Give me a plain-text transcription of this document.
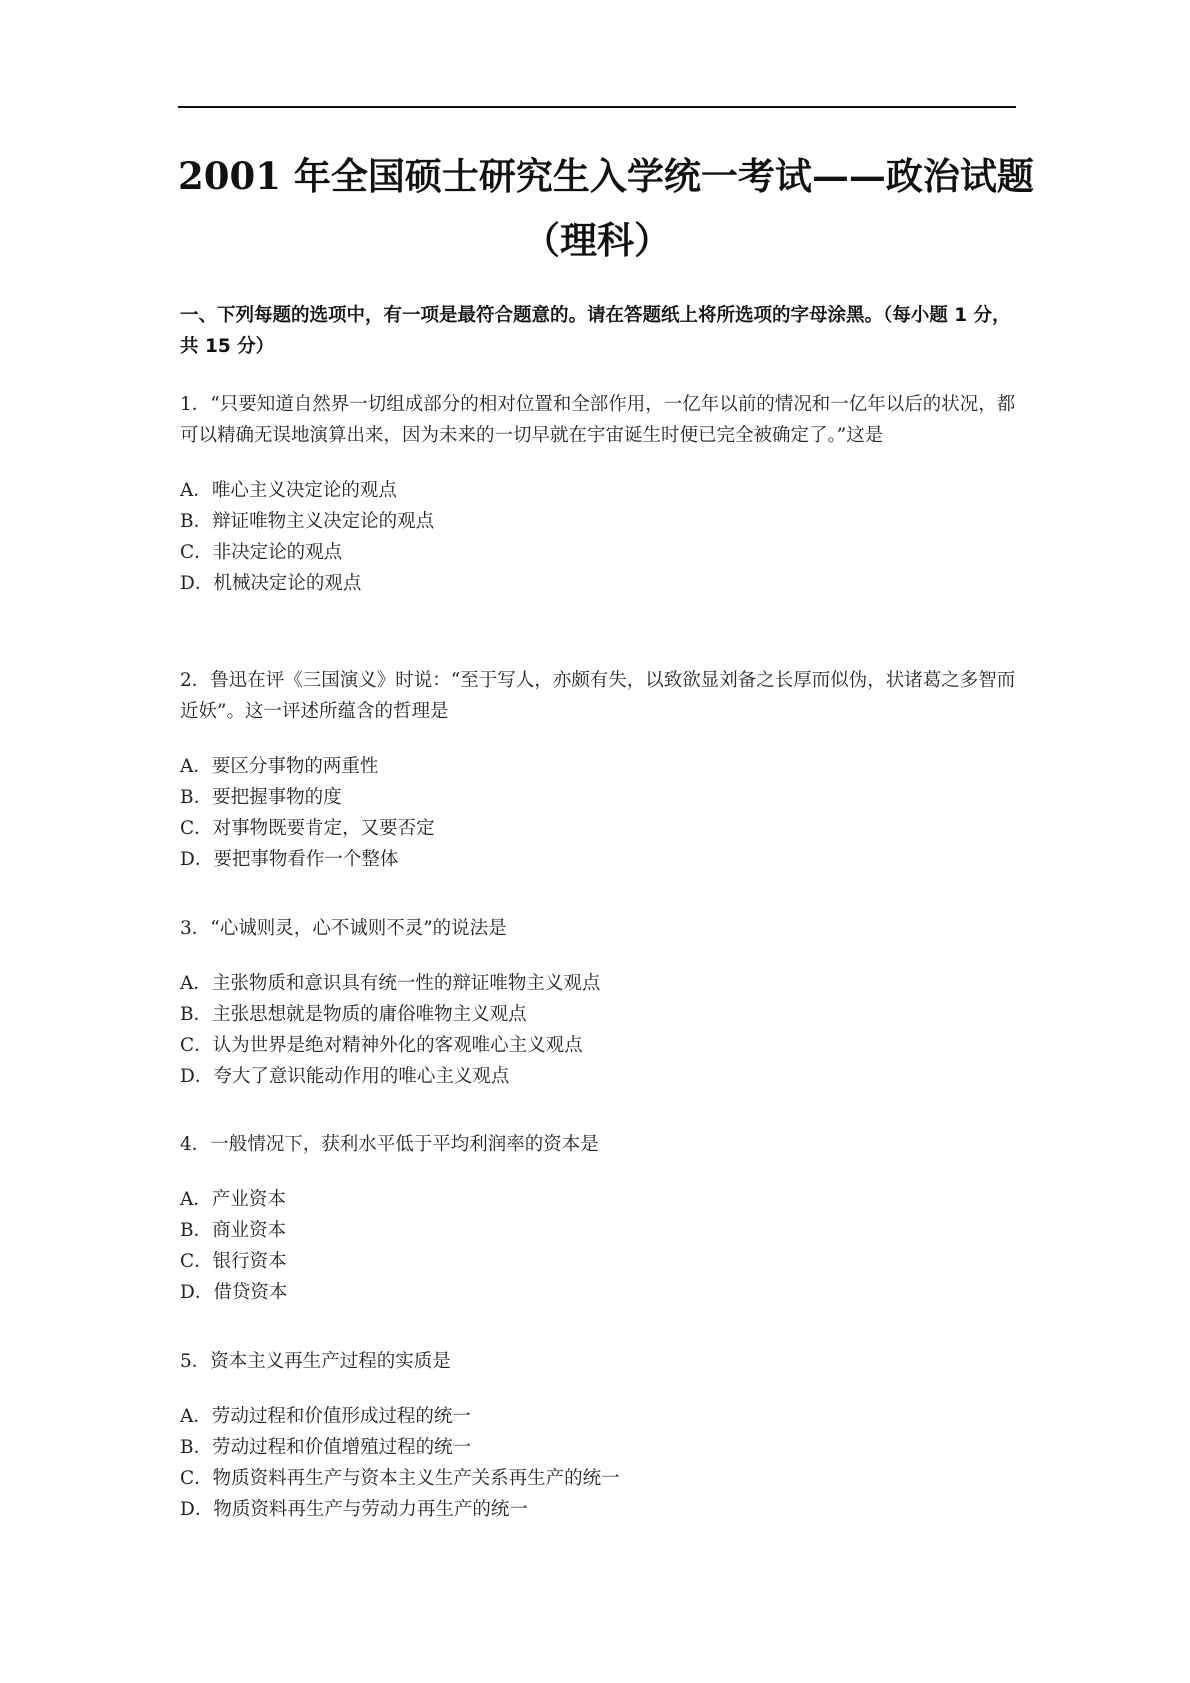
2001 年全国硕士研究生入学统一考试——政治试题
（理科）
一、下列每题的选项中，有一项是最符合题意的。请在答题纸上将所选项的字母涂黑。（每小题 1 分，共 15 分）

1．“只要知道自然界一切组成部分的相对位置和全部作用，一亿年以前的情况和一亿年以后的状况，都可以精确无误地演算出来，因为未来的一切早就在宇宙诞生时便已完全被确定了。”这是

A．唯心主义决定论的观点
B．辩证唯物主义决定论的观点
C．非决定论的观点
D．机械决定论的观点

2．鲁迅在评《三国演义》时说：“至于写人，亦颇有失，以致欲显刘备之长厚而似伪，状诸葛之多智而近妖”。这一评述所蕴含的哲理是

A．要区分事物的两重性
B．要把握事物的度
C．对事物既要肯定，又要否定
D．要把事物看作一个整体

3．“心诚则灵，心不诚则不灵”的说法是

A．主张物质和意识具有统一性的辩证唯物主义观点
B．主张思想就是物质的庸俗唯物主义观点
C．认为世界是绝对精神外化的客观唯心主义观点
D．夸大了意识能动作用的唯心主义观点

4．一般情况下，获利水平低于平均利润率的资本是

A．产业资本
B．商业资本
C．银行资本
D．借贷资本

5．资本主义再生产过程的实质是

A．劳动过程和价值形成过程的统一
B．劳动过程和价值增殖过程的统一
C．物质资料再生产与资本主义生产关系再生产的统一
D．物质资料再生产与劳动力再生产的统一
